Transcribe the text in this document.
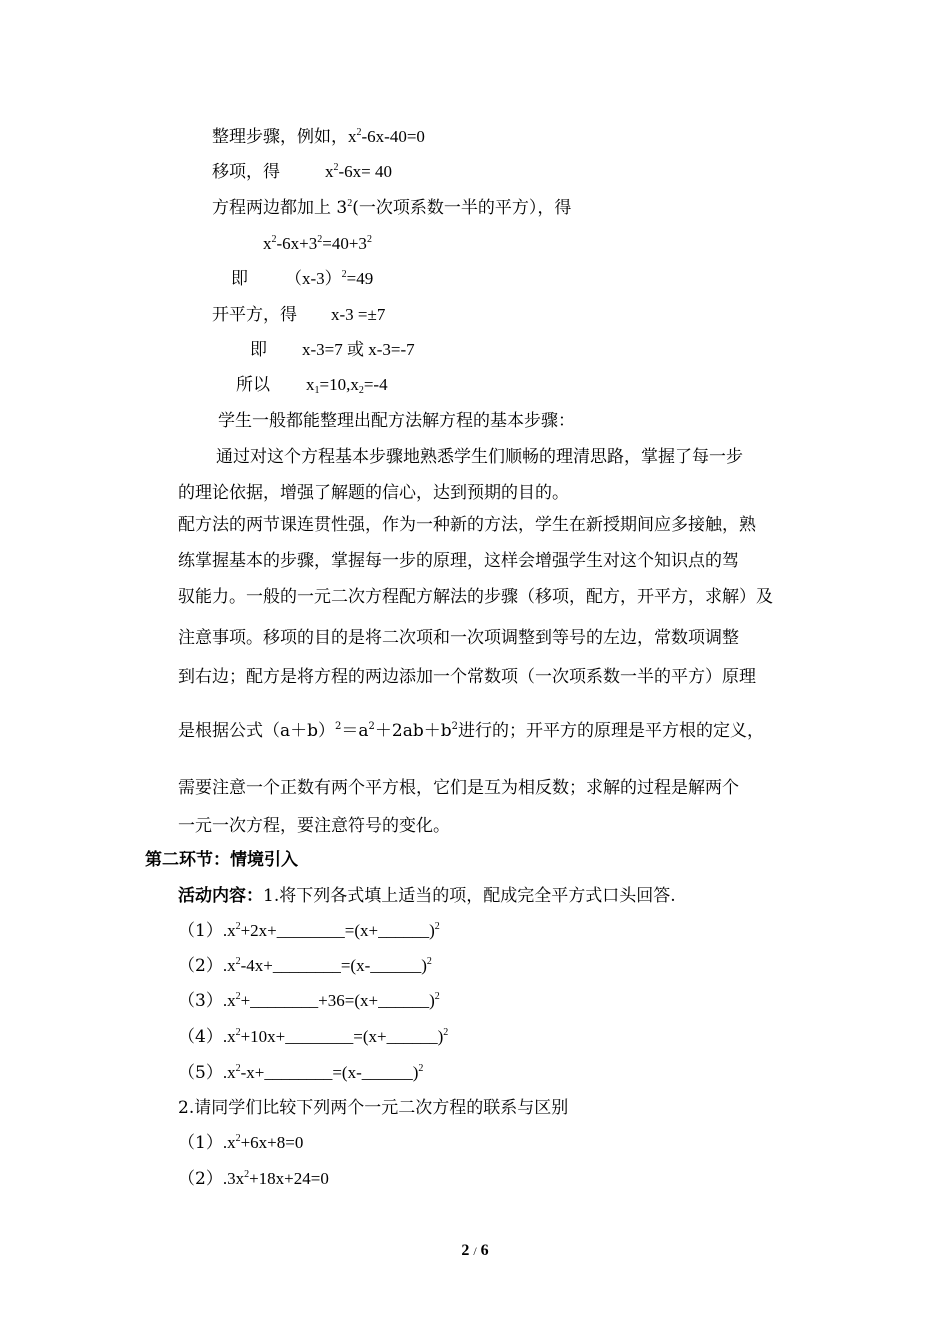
整理步骤，例如，$x^2-6x-40=0$
移项，得	$x^2-6x= 40$
方程两边都加上 $3^2$(一次项系数一半的平方），得
$x^2-6x+3^2=40+3^2$
即 $(x-3)^2=49$
开平方，得 x-3 =±7
即 x-3=7 或 x-3=-7
所以 $x_1=10,x_2=-4$
学生一般都能整理出配方法解方程的基本步骤：
通过对这个方程基本步骤地熟悉学生们顺畅的理清思路，掌握了每一步
的理论依据，增强了解题的信心，达到预期的目的。
配方法的两节课连贯性强，作为一种新的方法，学生在新授期间应多接触，熟
练掌握基本的步骤，掌握每一步的原理，这样会增强学生对这个知识点的驾
驭能力。一般的一元二次方程配方解法的步骤（移项，配方，开平方，求解）及
注意事项。移项的目的是将二次项和一次项调整到等号的左边，常数项调整
到右边；配方是将方程的两边添加一个常数项（一次项系数一半的平方）原理
是根据公式$(a+b)^2=a^2+2ab+b^2$进行的；开平方的原理是平方根的定义，
需要注意一个正数有两个平方根，它们是互为相反数；求解的过程是解两个
一元一次方程，要注意符号的变化。
第二环节：情境引入
活动内容：1.将下列各式填上适当的项，配成完全平方式口头回答.
$(1).x^2+2x+\_\_\_\_\_\_\_\_=(x+\_\_\_\_\_\_)^2$
$(2).x^2-4x+\_\_\_\_\_\_\_\_=(x-\_\_\_\_\_\_)^2$
$(3).x^2+\_\_\_\_\_\_\_\_+36=(x+\_\_\_\_\_\_)^2$
$(4).x^2+10x+\_\_\_\_\_\_\_\_=(x+\_\_\_\_\_\_)^2$
$(5).x^2-x+\_\_\_\_\_\_\_\_=(x-\_\_\_\_\_\_)^2$
2.请同学们比较下列两个一元二次方程的联系与区别
$(1).x^2+6x+8=0$
$(2).3x^2+18x+24=0$
2 / 6
